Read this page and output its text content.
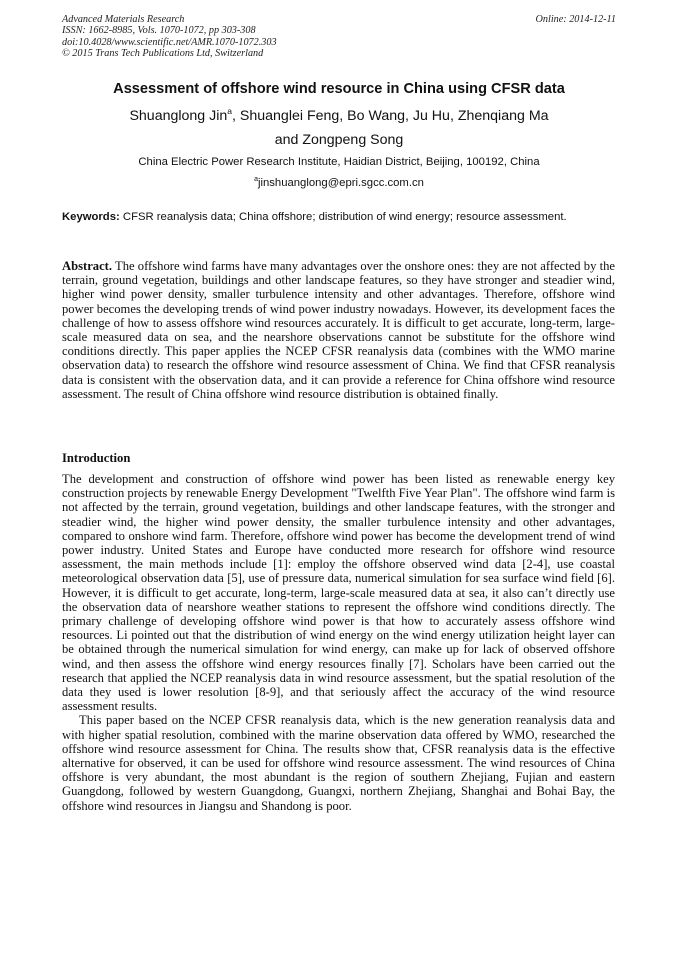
Advanced Materials Research
ISSN: 1662-8985, Vols. 1070-1072, pp 303-308
doi:10.4028/www.scientific.net/AMR.1070-1072.303
© 2015 Trans Tech Publications Ltd, Switzerland
Online: 2014-12-11
Assessment of offshore wind resource in China using CFSR data
Shuanglong Jin$^a$, Shuanglei Feng, Bo Wang, Ju Hu, Zhenqiang Ma
and Zongpeng Song
China Electric Power Research Institute, Haidian District, Beijing, 100192, China
$^a$jinshuanglong@epri.sgcc.com.cn
Keywords: CFSR reanalysis data; China offshore; distribution of wind energy; resource assessment.
Abstract. The offshore wind farms have many advantages over the onshore ones: they are not affected by the terrain, ground vegetation, buildings and other landscape features, so they have stronger and steadier wind, higher wind power density, smaller turbulence intensity and other advantages. Therefore, offshore wind power becomes the developing trends of wind power industry nowadays. However, its development faces the challenge of how to assess offshore wind resources accurately. It is difficult to get accurate, long-term, large-scale measured data on sea, and the nearshore observations cannot be substitute for the offshore wind conditions directly. This paper applies the NCEP CFSR reanalysis data (combines with the WMO marine observation data) to research the offshore wind resource assessment of China. We find that CFSR reanalysis data is consistent with the observation data, and it can provide a reference for China offshore wind resource assessment. The result of China offshore wind resource distribution is obtained finally.
Introduction

The development and construction of offshore wind power has been listed as renewable energy key construction projects by renewable Energy Development "Twelfth Five Year Plan". The offshore wind farm is not affected by the terrain, ground vegetation, buildings and other landscape features, with the stronger and steadier wind, the higher wind power density, the smaller turbulence intensity and other advantages, compared to onshore wind farm. Therefore, offshore wind power has become the development trend of wind power industry. United States and Europe have conducted more research for offshore wind resource assessment, the main methods include [1]: employ the offshore observed wind data [2-4], use coastal meteorological observation data [5], use of pressure data, numerical simulation for sea surface wind field [6]. However, it is difficult to get accurate, long-term, large-scale measured data at sea, it also can’t directly use the observation data of nearshore weather stations to represent the offshore wind conditions directly. The primary challenge of developing offshore wind power is that how to accurately assess offshore wind resources. Li pointed out that the distribution of wind energy on the wind energy utilization height layer can be obtained through the numerical simulation for wind energy, can make up for lack of observed offshore wind, and then assess the offshore wind energy resources finally [7]. Scholars have been carried out the research that applied the NCEP reanalysis data in wind resource assessment, but the spatial resolution of the data they used is lower resolution [8-9], and that seriously affect the accuracy of the wind resource assessment results.

This paper based on the NCEP CFSR reanalysis data, which is the new generation reanalysis data and with higher spatial resolution, combined with the marine observation data offered by WMO, researched the offshore wind resource assessment for China. The results show that, CFSR reanalysis data is the effective alternative for observed, it can be used for offshore wind resource assessment. The wind resources of China offshore is very abundant, the most abundant is the region of southern Zhejiang, Fujian and eastern Guangdong, followed by western Guangdong, Guangxi, northern Zhejiang, Shanghai and Bohai Bay, the offshore wind resources in Jiangsu and Shandong is poor.
